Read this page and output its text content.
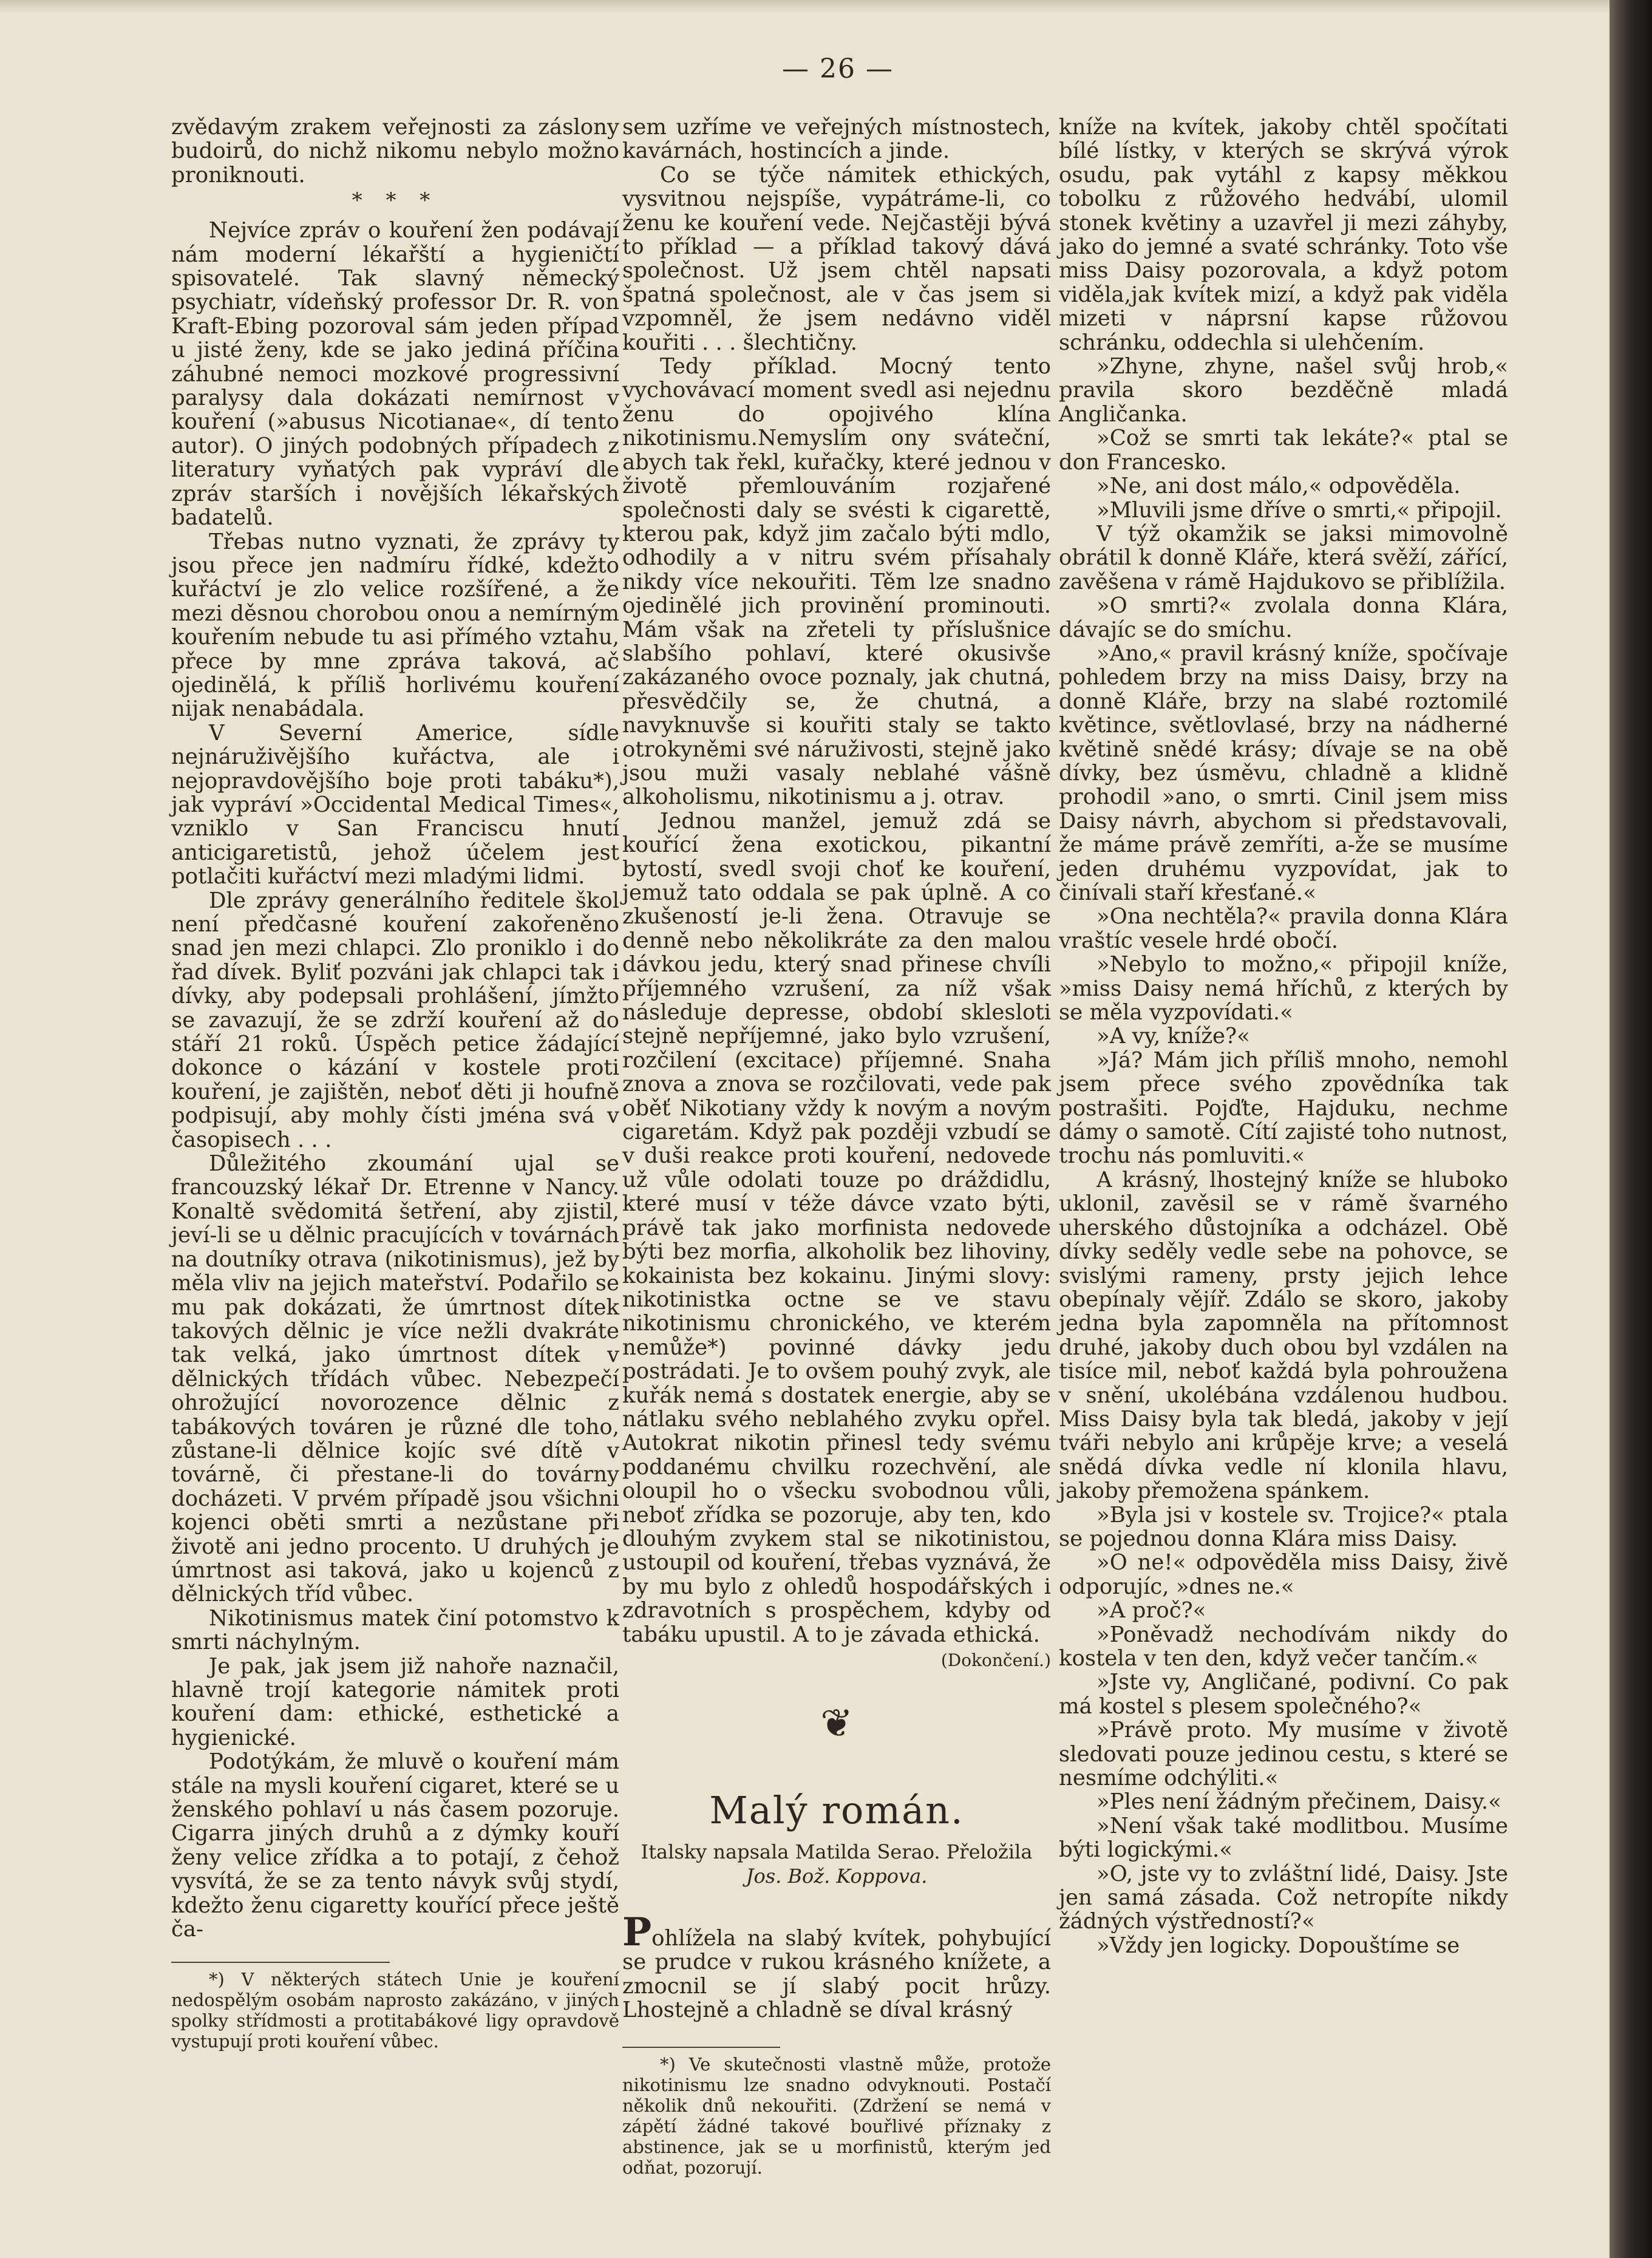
— 26 —

zvědavým zrakem veřejnosti za záslony budoirů, do nichž nikomu nebylo možno proniknouti.

* * *

Nejvíce zpráv o kouření žen podávají nám moderní lékařští a hygieničtí spisovatelé. Tak slavný německý psychiatr, vídeňský professor Dr. R. von Kraft-Ebing pozoroval sám jeden případ u jisté ženy, kde se jako jediná příčina záhubné nemoci mozkové progressivní paralysy dala dokázati nemírnost v kouření (»abusus Nicotianae«, dí tento autor). O jiných podobných případech z literatury vyňatých pak vypráví dle zpráv starších i novějších lékařských badatelů.

Třebas nutno vyznati, že zprávy ty jsou přece jen nadmíru řídké, kdežto kuřáctví je zlo velice rozšířené, a že mezi děsnou chorobou onou a nemírným kouřením nebude tu asi přímého vztahu, přece by mne zpráva taková, ač ojedinělá, k příliš horlivému kouření nijak nenabádala.

V Severní Americe, sídle nejnáruživějšího kuřáctva, ale i nejopravdovějšího boje proti tabáku*), jak vypráví »Occidental Medical Times«, vzniklo v San Franciscu hnutí anticigaretistů, jehož účelem jest potlačiti kuřáctví mezi mladými lidmi.

Dle zprávy generálního ředitele škol není předčasné kouření zakořeněno snad jen mezi chlapci. Zlo proniklo i do řad dívek. Byliť pozváni jak chlapci tak i dívky, aby podepsali prohlášení, jímžto se zavazují, že se zdrží kouření až do stáří 21 roků. Úspěch petice žádající dokonce o kázání v kostele proti kouření, je zajištěn, neboť děti ji houfně podpisují, aby mohly čísti jména svá v časopisech . . .

Důležitého zkoumání ujal se francouzský lékař Dr. Etrenne v Nancy. Konaltě svědomitá šetření, aby zjistil, jeví-li se u dělnic pracujících v továrnách na doutníky otrava (nikotinismus), jež by měla vliv na jejich mateřství. Podařilo se mu pak dokázati, že úmrtnost dítek takových dělnic je více nežli dvakráte tak velká, jako úmrtnost dítek v dělnických třídách vůbec. Nebezpečí ohrožující novorozence dělnic z tabákových továren je různé dle toho, zůstane-li dělnice kojíc své dítě v továrně, či přestane-li do továrny docházeti. V prvém případě jsou všichni kojenci oběti smrti a nezůstane při životě ani jedno procento. U druhých je úmrtnost asi taková, jako u kojenců z dělnických tříd vůbec.

Nikotinismus matek činí potomstvo k smrti náchylným.

Je pak, jak jsem již nahoře naznačil, hlavně trojí kategorie námitek proti kouření dam: ethické, esthetické a hygienické.

Podotýkám, že mluvě o kouření mám stále na mysli kouření cigaret, které se u ženského pohlaví u nás časem pozoruje. Cigarra jiných druhů a z dýmky kouří ženy velice zřídka a to potají, z čehož vysvítá, že se za tento návyk svůj stydí, kdežto ženu cigaretty kouřící přece ještě ča-

*) V některých státech Unie je kouření nedospělým osobám naprosto zakázáno, v jiných spolky střídmosti a protitabákové ligy opravdově vystupují proti kouření vůbec.

sem uzříme ve veřejných místnostech, kavárnách, hostincích a jinde.

Co se týče námitek ethických, vysvitnou nejspíše, vypátráme-li, co ženu ke kouření vede. Nejčastěji bývá to příklad — a příklad takový dává společnost. Už jsem chtěl napsati špatná společnost, ale v čas jsem si vzpomněl, že jsem nedávno viděl kouřiti . . . šlechtičny.

Tedy příklad. Mocný tento vychovávací moment svedl asi nejednu ženu do opojivého klína nikotinismu.Nemyslím ony sváteční, abych tak řekl, kuřačky, které jednou v životě přemlouváním rozjařené společnosti daly se svésti k cigarettě, kterou pak, když jim začalo býti mdlo, odhodily a v nitru svém přísahaly nikdy více nekouřiti. Těm lze snadno ojedinělé jich provinění prominouti. Mám však na zřeteli ty příslušnice slabšího pohlaví, které okusivše zakázaného ovoce poznaly, jak chutná, přesvědčily se, že chutná, a navyknuvše si kouřiti staly se takto otrokyněmi své náruživosti, stejně jako jsou muži vasaly neblahé vášně alkoholismu, nikotinismu a j. otrav.

Jednou manžel, jemuž zdá se kouřící žena exotickou, pikantní bytostí, svedl svoji choť ke kouření, jemuž tato oddala se pak úplně. A co zkušeností je-li žena. Otravuje se denně nebo několikráte za den malou dávkou jedu, který snad přinese chvíli příjemného vzrušení, za níž však následuje depresse, období sklesloti stejně nepříjemné, jako bylo vzrušení, rozčilení (excitace) příjemné. Snaha znova a znova se rozčilovati, vede pak oběť Nikotiany vždy k novým a novým cigaretám. Když pak později vzbudí se v duši reakce proti kouření, nedovede už vůle odolati touze po dráždidlu, které musí v téže dávce vzato býti, právě tak jako morfinista nedovede býti bez morfia, alkoholik bez lihoviny, kokainista bez kokainu. Jinými slovy: nikotinistka octne se ve stavu nikotinismu chronického, ve kterém nemůže*) povinné dávky jedu postrádati. Je to ovšem pouhý zvyk, ale kuřák nemá s dostatek energie, aby se nátlaku svého neblahého zvyku opřel. Autokrat nikotin přinesl tedy svému poddanému chvilku rozechvění, ale oloupil ho o všecku svobodnou vůli, neboť zřídka se pozoruje, aby ten, kdo dlouhým zvykem stal se nikotinistou, ustoupil od kouření, třebas vyznává, že by mu bylo z ohledů hospodářských i zdravotních s prospěchem, kdyby od tabáku upustil. A to je závada ethická.

(Dokončení.)
❦
Malý román.
Italsky napsala Matilda Serao. Přeložila
Jos. Bož. Koppova.

Pohlížela na slabý kvítek, pohybující se prudce v rukou krásného knížete, a zmocnil se jí slabý pocit hrůzy. Lhostejně a chladně se díval krásný

*) Ve skutečnosti vlastně může, protože nikotinismu lze snadno odvyknouti. Postačí několik dnů nekouřiti. (Zdržení se nemá v zápětí žádné takové bouřlivé příznaky z abstinence, jak se u morfinistů, kterým jed odňat, pozorují.

kníže na kvítek, jakoby chtěl spočítati bílé lístky, v kterých se skrývá výrok osudu, pak vytáhl z kapsy měkkou tobolku z růžového hedvábí, ulomil stonek květiny a uzavřel ji mezi záhyby, jako do jemné a svaté schránky. Toto vše miss Daisy pozorovala, a když potom viděla,jak kvítek mizí, a když pak viděla mizeti v náprsní kapse růžovou schránku, oddechla si ulehčením.

»Zhyne, zhyne, našel svůj hrob,« pravila skoro bezděčně mladá Angličanka.

»Což se smrti tak lekáte?« ptal se don Francesko.

»Ne, ani dost málo,« odpověděla.

»Mluvili jsme dříve o smrti,« připojil.

V týž okamžik se jaksi mimovolně obrátil k donně Kláře, která svěží, zářící, zavěšena v rámě Hajdukovo se přiblížila.

»O smrti?« zvolala donna Klára, dávajíc se do smíchu.

»Ano,« pravil krásný kníže, spočívaje pohledem brzy na miss Daisy, brzy na donně Kláře, brzy na slabé roztomilé květince, světlovlasé, brzy na nádherné květině snědé krásy; dívaje se na obě dívky, bez úsměvu, chladně a klidně prohodil »ano, o smrti. Cinil jsem miss Daisy návrh, abychom si představovali, že máme právě zemříti, a-že se musíme jeden druhému vyzpovídat, jak to činívali staří křesťané.«

»Ona nechtěla?« pravila donna Klára vraštíc vesele hrdé obočí.

»Nebylo to možno,« připojil kníže, »miss Daisy nemá hříchů, z kterých by se měla vyzpovídati.«

»A vy, kníže?«

»Já? Mám jich příliš mnoho, nemohl jsem přece svého zpovědníka tak postrašiti. Pojďte, Hajduku, nechme dámy o samotě. Cítí zajisté toho nutnost, trochu nás pomluviti.«

A krásný, lhostejný kníže se hluboko uklonil, zavěsil se v rámě švarného uherského důstojníka a odcházel. Obě dívky seděly vedle sebe na pohovce, se svislými rameny, prsty jejich lehce obepínaly vějíř. Zdálo se skoro, jakoby jedna byla zapomněla na přítomnost druhé, jakoby duch obou byl vzdálen na tisíce mil, neboť každá byla pohroužena v snění, ukolébána vzdálenou hudbou. Miss Daisy byla tak bledá, jakoby v její tváři nebylo ani krůpěje krve; a veselá snědá dívka vedle ní klonila hlavu, jakoby přemožena spánkem.

»Byla jsi v kostele sv. Trojice?« ptala se pojednou donna Klára miss Daisy.

»O ne!« odpověděla miss Daisy, živě odporujíc, »dnes ne.«

»A proč?«

»Poněvadž nechodívám nikdy do kostela v ten den, když večer tančím.«

»Jste vy, Angličané, podivní. Co pak má kostel s plesem společného?«

»Právě proto. My musíme v životě sledovati pouze jedinou cestu, s které se nesmíme odchýliti.«

»Ples není žádným přečinem, Daisy.«

»Není však také modlitbou. Musíme býti logickými.«

»O, jste vy to zvláštní lidé, Daisy. Jste jen samá zásada. Což netropíte nikdy žádných výstředností?«

»Vždy jen logicky. Dopouštíme se
